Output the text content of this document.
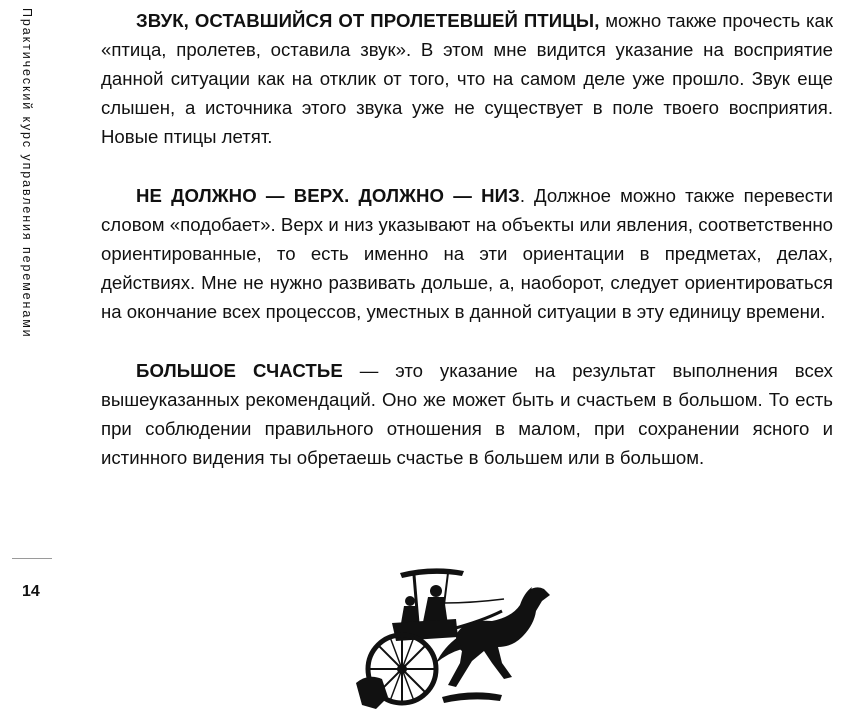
Практический курс управления переменами
14

ЗВУК, ОСТАВШИЙСЯ ОТ ПРОЛЕТЕВШЕЙ ПТИЦЫ, можно также прочесть как «птица, пролетев, оставила звук». В этом мне видится указание на восприятие данной ситуации как на отклик от того, что на самом деле уже прошло. Звук еще слышен, а источника этого звука уже не существует в поле твоего восприятия. Новые птицы летят.

НЕ ДОЛЖНО — ВЕРХ. ДОЛЖНО — НИЗ. Должное можно также перевести словом «подобает». Верх и низ указывают на объекты или явления, соответственно ориентированные, то есть именно на эти ориентации в предметах, делах, действиях. Мне не нужно развивать дольше, а, наоборот, следует ориентироваться на окончание всех процессов, уместных в данной ситуации в эту единицу времени.

БОЛЬШОЕ СЧАСТЬЕ — это указание на результат выполнения всех вышеуказанных рекомендаций. Оно же может быть и счастьем в большом. То есть при соблюдении правильного отношения в малом, при сохранении ясного и истинного видения ты обретаешь счастье в большем или в большом.
